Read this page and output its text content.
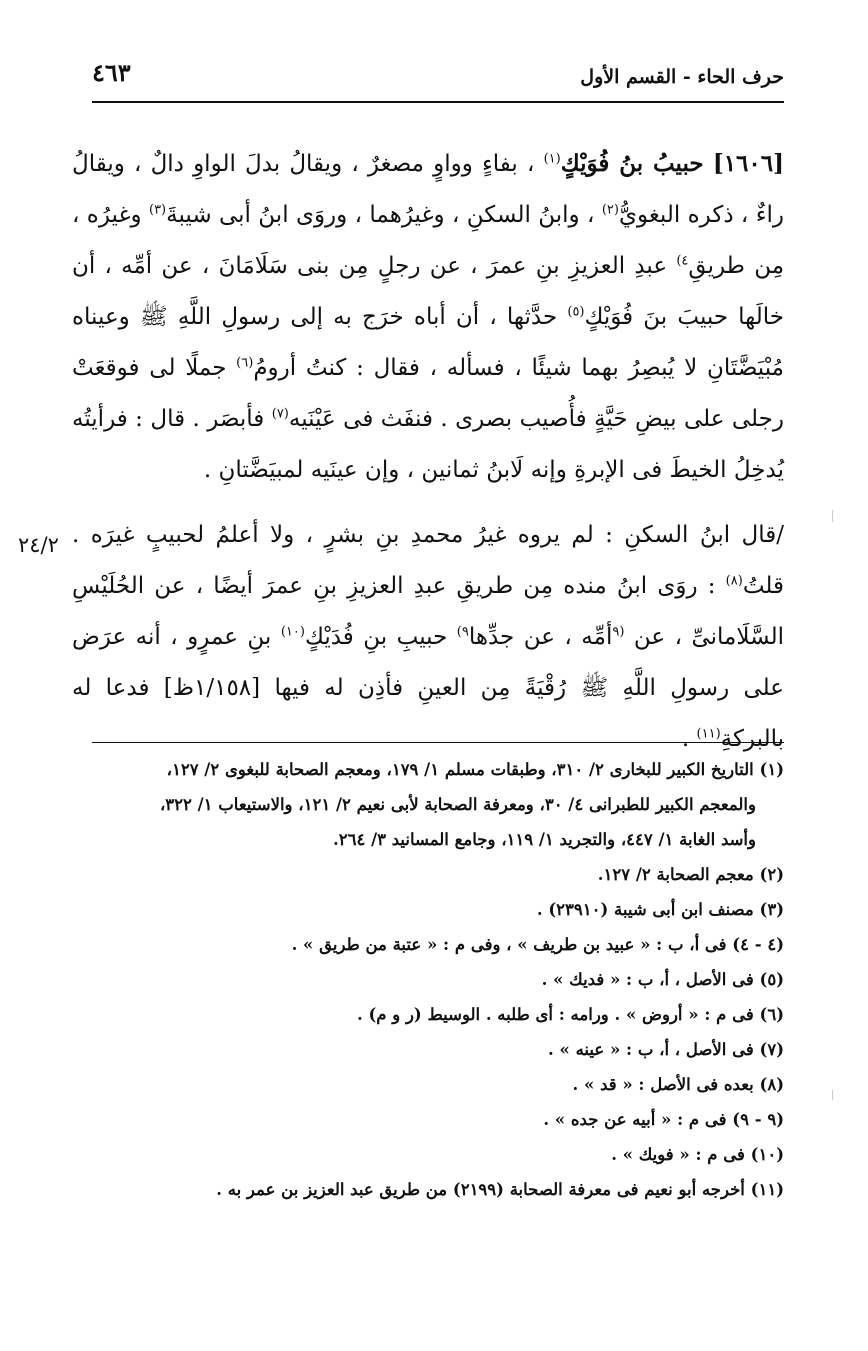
حرف الحاء - القسم الأول
٤٦٣

[١٦٠٦] حبيبُ بنُ فُوَيْكٍ$^{(١)}$ ، بفاءٍ وواوٍ مصغرٌ ، ويقالُ بدلَ الواوِ دالٌ ، ويقالُ راءٌ ، ذكره البغويُّ$^{(٢)}$ ، وابنُ السكنِ ، وغيرُهما ، وروَى ابنُ أبى شيبةَ$^{(٣)}$ وغيرُه ، مِن طريقِ$^{٤)}$ عبدِ العزيزِ بنِ عمرَ ، عن رجلٍ مِن بنى سَلَامَانَ ، عن أمِّه ، أن خالَها حبيبَ بنَ فُوَيْكٍ$^{(٥)}$ حدَّثها ، أن أباه خرَج به إلى رسولِ اللَّهِ ﷺ وعيناه مُبْيَضَّتَانِ لا يُبصِرُ بهما شيئًا ، فسأله ، فقال : كنتُ أرومُ$^{(٦)}$ جملًا لى فوقعَتْ رجلى على بيضِ حَيَّةٍ فأُصيب بصرى . فنفَث فى عَيْنَيه$^{(٧)}$ فأبصَر . قال : فرأيتُه يُدخِلُ الخيطَ فى الإبرةِ وإنه لَابنُ ثمانين ، وإن عينَيه لمبيَضَّتانِ .

/قال ابنُ السكنِ : لم يروه غيرُ محمدِ بنِ بشرٍ ، ولا أعلمُ لحبيبٍ غيرَه . قلتُ$^{(٨)}$ : روَى ابنُ منده مِن طريقِ عبدِ العزيزِ بنِ عمرَ أيضًا ، عن الحُلَيْسِ السَّلَامانىِّ ، عن $^{(٩}$أمِّه ، عن جدِّها$^{٩)}$ حبيبِ بنِ فُدَيْكٍ$^{(١٠)}$ بنِ عمرٍو ، أنه عرَض على رسولِ اللَّهِ ﷺ رُقْيَةً مِن العينِ فأذِن له فيها [١/١٥٨ظ] فدعا له بالبركةِ$^{(١١)}$ .

٢٤/٢
(١) التاريخ الكبير للبخارى ٢/ ٣١٠، وطبقات مسلم ١/ ١٧٩، ومعجم الصحابة للبغوى ٢/ ١٢٧،
والمعجم الكبير للطبرانى ٤/ ٣٠، ومعرفة الصحابة لأبى نعيم ٢/ ١٢١، والاستيعاب ١/ ٣٢٢،
وأسد الغابة ١/ ٤٤٧، والتجريد ١/ ١١٩، وجامع المسانيد ٣/ ٢٦٤.
(٢) معجم الصحابة ٢/ ١٢٧.
(٣) مصنف ابن أبى شيبة (٢٣٩١٠) .
(٤ - ٤) فى أ، ب : « عبيد بن طريف » ، وفى م : « عتبة من طريق » .
(٥) فى الأصل ، أ، ب : « فديك » .
(٦) فى م : « أروض » . ورامه : أى طلبه . الوسيط (ر و م) .
(٧) فى الأصل ، أ، ب : « عينه » .
(٨) بعده فى الأصل : « قد » .
(٩ - ٩) فى م : « أبيه عن جده » .
(١٠) فى م : « فويك » .
(١١) أخرجه أبو نعيم فى معرفة الصحابة (٢١٩٩) من طريق عبد العزيز بن عمر به .
